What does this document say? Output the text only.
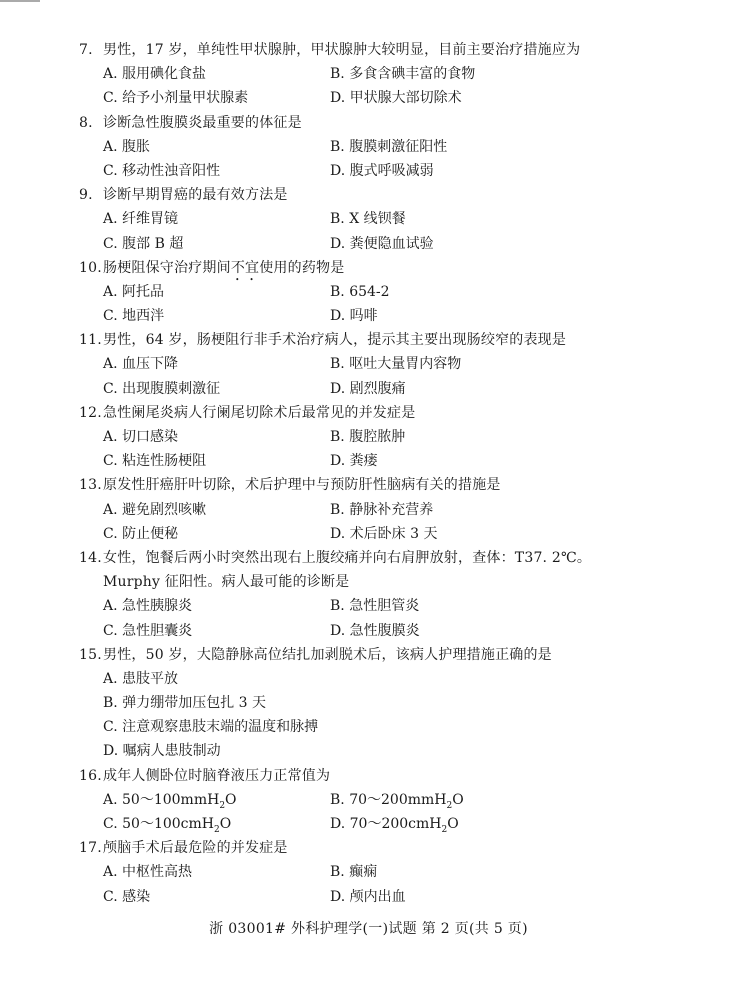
7. 男性，17 岁，单纯性甲状腺肿，甲状腺肿大较明显，目前主要治疗措施应为
A. 服用碘化食盐	B. 多食含碘丰富的食物
C. 给予小剂量甲状腺素	D. 甲状腺大部切除术
8. 诊断急性腹膜炎最重要的体征是
A. 腹胀	B. 腹膜刺激征阳性
C. 移动性浊音阳性	D. 腹式呼吸减弱
9. 诊断早期胃癌的最有效方法是
A. 纤维胃镜	B. X 线钡餐
C. 腹部 B 超	D. 粪便隐血试验
10.肠梗阻保守治疗期间不宜使用的药物是
A. 阿托品	B. 654-2
C. 地西泮	D. 吗啡
11.男性，64 岁，肠梗阻行非手术治疗病人，提示其主要出现肠绞窄的表现是
A. 血压下降	B. 呕吐大量胃内容物
C. 出现腹膜刺激征	D. 剧烈腹痛
12.急性阑尾炎病人行阑尾切除术后最常见的并发症是
A. 切口感染	B. 腹腔脓肿
C. 粘连性肠梗阻	D. 粪瘘
13.原发性肝癌肝叶切除，术后护理中与预防肝性脑病有关的措施是
A. 避免剧烈咳嗽	B. 静脉补充营养
C. 防止便秘	D. 术后卧床 3 天
14.女性，饱餐后两小时突然出现右上腹绞痛并向右肩胛放射，查体：T37. 2℃。
Murphy 征阳性。病人最可能的诊断是
A. 急性胰腺炎	B. 急性胆管炎
C. 急性胆囊炎	D. 急性腹膜炎
15.男性，50 岁，大隐静脉高位结扎加剥脱术后，该病人护理措施正确的是
A. 患肢平放
B. 弹力绷带加压包扎 3 天
C. 注意观察患肢末端的温度和脉搏
D. 嘱病人患肢制动
16.成年人侧卧位时脑脊液压力正常值为
A. 50～100mmH$_2$O	B. 70～200mmH$_2$O
C. 50～100cmH$_2$O	D. 70～200cmH$_2$O
17.颅脑手术后最危险的并发症是
A. 中枢性高热	B. 癫痫
C. 感染	D. 颅内出血
浙 03001# 外科护理学(一)试题 第 2 页(共 5 页)
